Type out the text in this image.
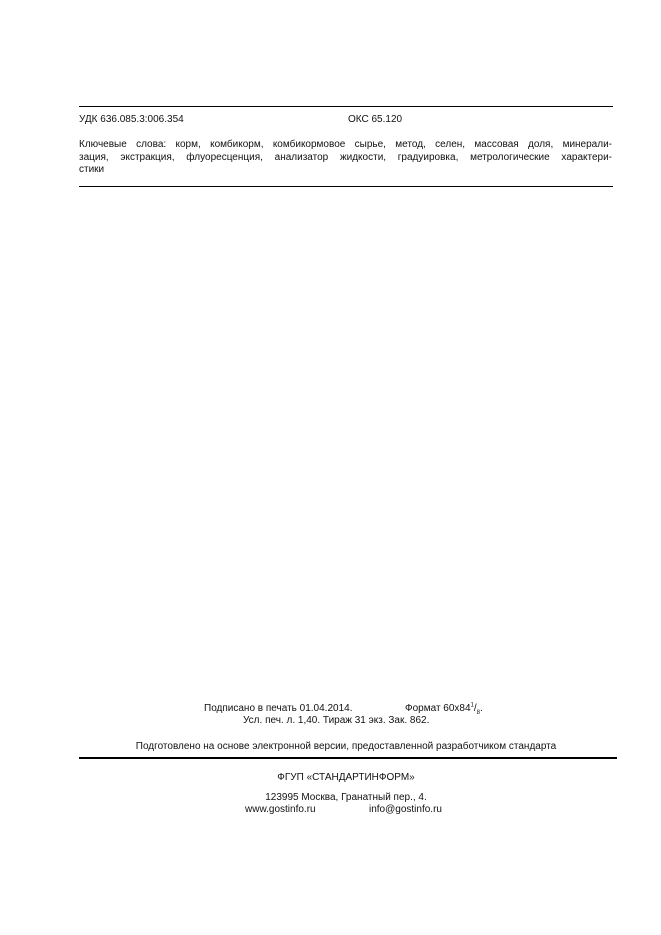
УДК 636.085.3:006.354	ОКС 65.120
Ключевые слова: корм, комбикорм, комбикормовое сырье, метод, селен, массовая доля, минерали-
зация, экстракция, флуоресценция, анализатор жидкости, градуировка, метрологические характери-
стики
Подписано в печать 01.04.2014.	Формат $60x84^1/_8$.
Усл. печ. л. 1,40. Тираж 31 экз. Зак. 862.
Подготовлено на основе электронной версии, предоставленной разработчиком стандарта
ФГУП «СТАНДАРТИНФОРМ»
123995 Москва, Гранатный пер., 4.
www.gostinfo.ru	info@gostinfo.ru
